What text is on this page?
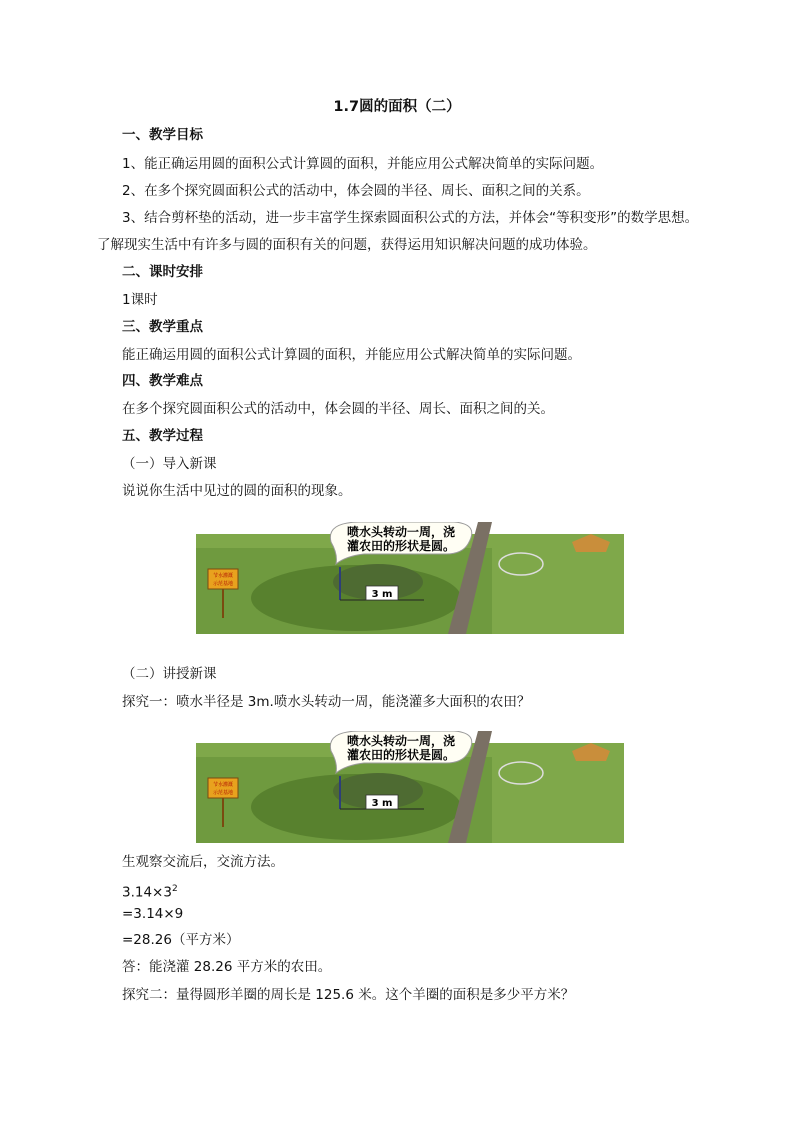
1.7圆的面积（二）
一、教学目标
1、能正确运用圆的面积公式计算圆的面积，并能应用公式解决简单的实际问题。
2、在多个探究圆面积公式的活动中，体会圆的半径、周长、面积之间的关系。
3、结合剪杯垫的活动，进一步丰富学生探索圆面积公式的方法，并体会“等积变形”的数学思想。
了解现实生活中有许多与圆的面积有关的问题，获得运用知识解决问题的成功体验。
二、课时安排
1课时
三、教学重点
能正确运用圆的面积公式计算圆的面积，并能应用公式解决简单的实际问题。
四、教学难点
在多个探究圆面积公式的活动中，体会圆的半径、周长、面积之间的关。
五、教学过程
（一）导入新课
说说你生活中见过的圆的面积的现象。
3 m
节水灌溉
示范基地
喷水头转动一周，浇
灌农田的形状是圆。
（二）讲授新课
探究一：喷水半径是 3m.喷水头转动一周，能浇灌多大面积的农田？
3 m
节水灌溉
示范基地
喷水头转动一周，浇
灌农田的形状是圆。
生观察交流后，交流方法。
$3.14\times 3^2$
=3.14×9
=28.26（平方米）
答：能浇灌 28.26 平方米的农田。
探究二：量得圆形羊圈的周长是 125.6 米。这个羊圈的面积是多少平方米？
